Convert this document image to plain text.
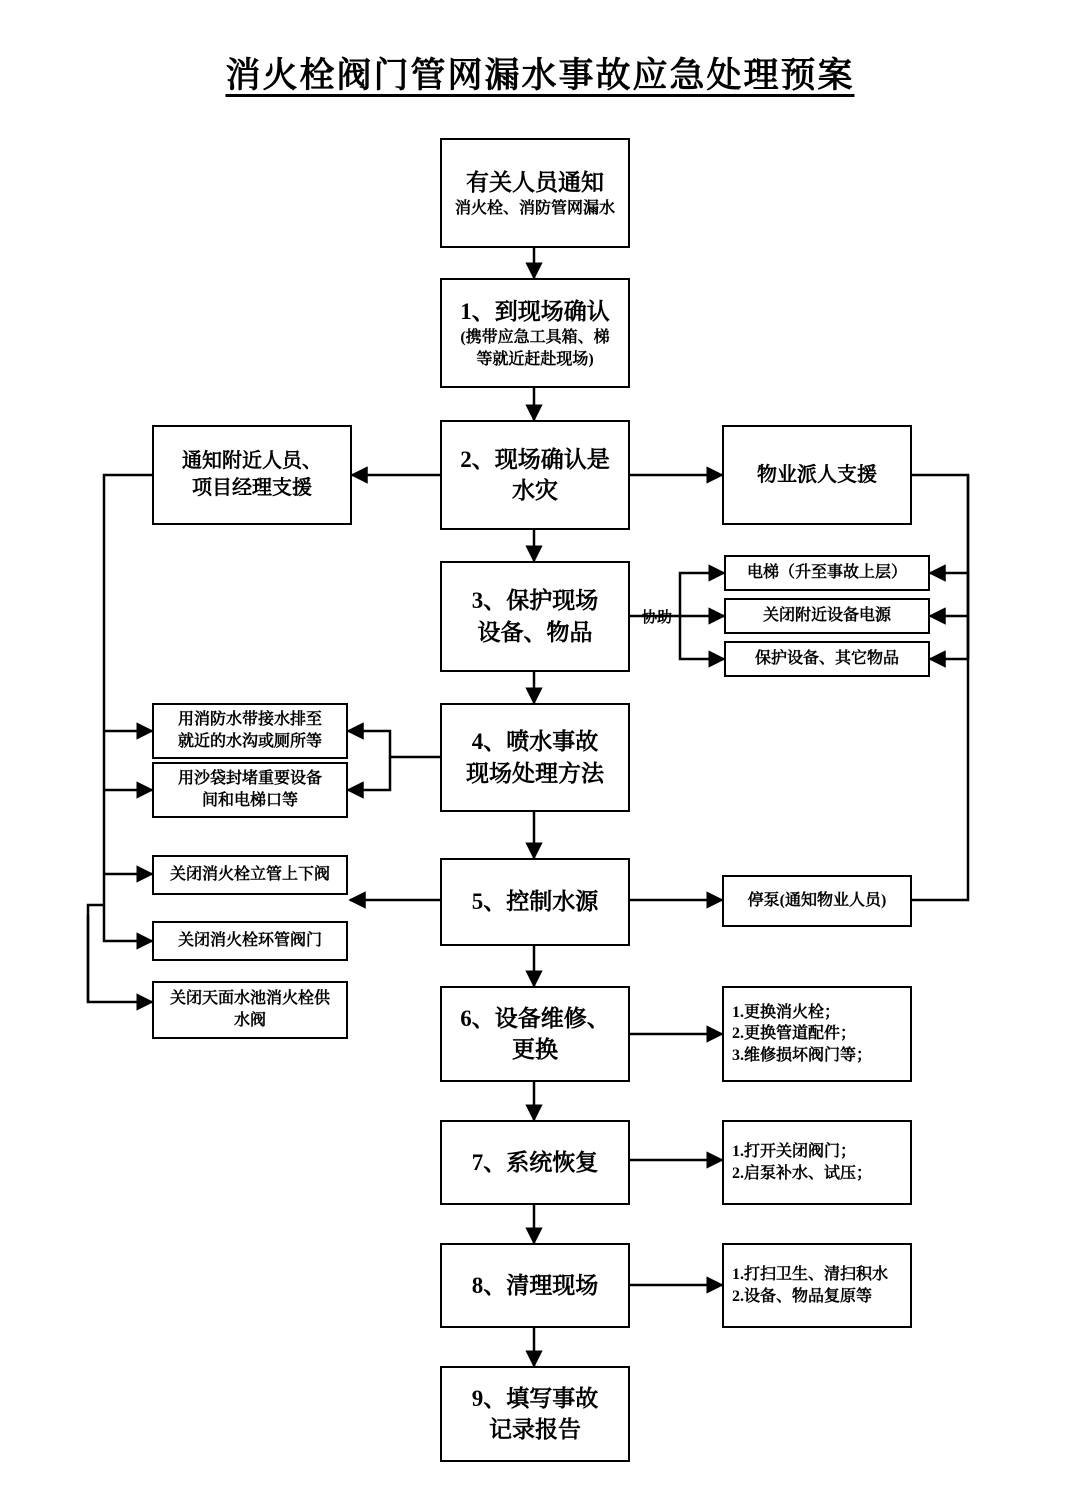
消火栓阀门管网漏水事故应急处理预案
有关人员通知
消火栓、消防管网漏水
1、到现场确认
(携带应急工具箱、梯
等就近赶赴现场)
2、现场确认是
水灾
3、保护现场
设备、物品
4、喷水事故
现场处理方法
5、控制水源
6、设备维修、
更换
7、系统恢复
8、清理现场
9、填写事故
记录报告
通知附近人员、
项目经理支援
用消防水带接水排至
就近的水沟或厕所等
用沙袋封堵重要设备
间和电梯口等
关闭消火栓立管上下阀
关闭消火栓环管阀门
关闭天面水池消火栓供
水阀
物业派人支援
协助
电梯（升至事故上层）
关闭附近设备电源
保护设备、其它物品
停泵(通知物业人员)
1.更换消火栓；
2.更换管道配件；
3.维修损坏阀门等；
1.打开关闭阀门；
2.启泵补水、试压；
1.打扫卫生、清扫积水
2.设备、物品复原等
